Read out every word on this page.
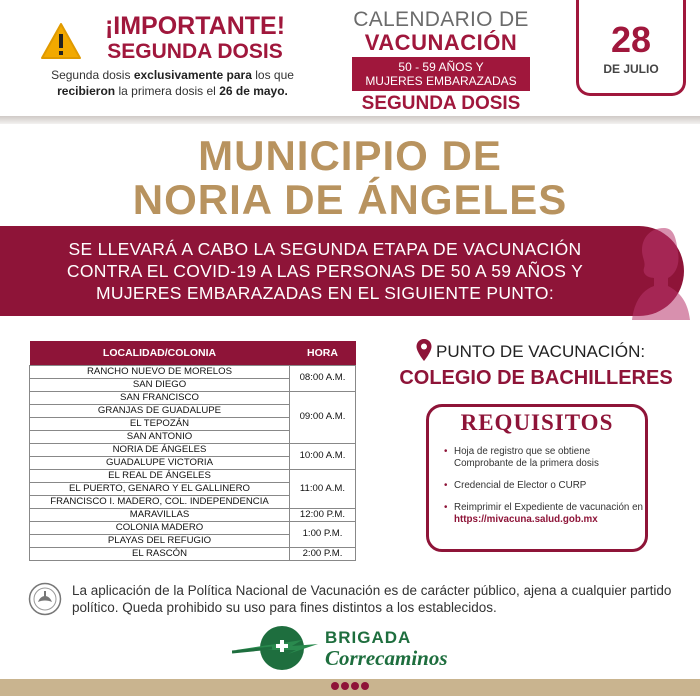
¡IMPORTANTE!
SEGUNDA DOSIS
Segunda dosis exclusivamente para los que
recibieron la primera dosis el 26 de mayo.
CALENDARIO DE
VACUNACIÓN
50 - 59 AÑOS Y
MUJERES EMBARAZADAS
SEGUNDA DOSIS
28
DE JULIO
MUNICIPIO DE
NORIA DE ÁNGELES
SE LLEVARÁ A CABO LA SEGUNDA ETAPA DE VACUNACIÓN
CONTRA EL COVID-19 A LAS PERSONAS DE 50 A 59 AÑOS Y
MUJERES EMBARAZADAS EN EL SIGUIENTE PUNTO:
LOCALIDAD/COLONIA	HORA
RANCHO NUEVO DE MORELOS	08:00 A.M.
SAN DIEGO	
SAN FRANCISCO	09:00 A.M.
GRANJAS DE GUADALUPE	
EL TEPOZÁN	
SAN ANTONIO	
NORIA DE ÁNGELES	10:00 A.M.
GUADALUPE VICTORIA	
EL REAL DE ÁNGELES	11:00 A.M.
EL PUERTO, GENARO Y EL GALLINERO	
FRANCISCO I. MADERO, COL. INDEPENDENCIA	
MARAVILLAS	12:00 P.M.
COLONIA MADERO	1:00 P.M.
PLAYAS DEL REFUGIO	
EL RASCÓN	2:00 P.M.
PUNTO DE VACUNACIÓN:
COLEGIO DE BACHILLERES
REQUISITOS
• Hoja de registro que se obtiene Comprobante de la primera dosis
• Credencial de Elector o CURP
• Reimprimir el Expediente de vacunación en
https://mivacuna.salud.gob.mx
La aplicación de la Política Nacional de Vacunación es de carácter público, ajena a cualquier partido político. Queda prohibido su uso para fines distintos a los establecidos.
BRIGADA
Correcaminos
